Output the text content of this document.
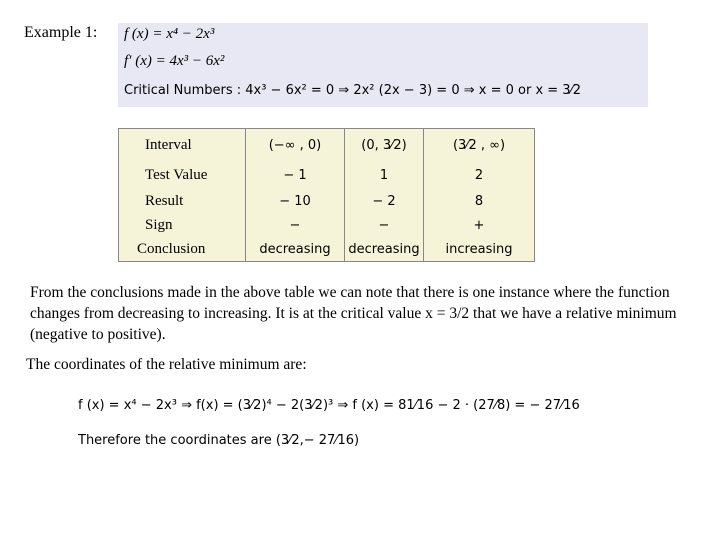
Example 1: f (x) = x⁴ − 2x³
f′ (x) = 4x³ − 6x²
Critical Numbers : 4x³ − 6x² = 0 ⇒ 2x² (2x − 3) = 0 ⇒ x = 0 or x = 3⁄2
Interval	(−∞ , 0)	(0, 3⁄2)	(3⁄2 , ∞)
Test Value	− 1	1	2
Result	− 10	− 2	8
Sign	−	−	+
Conclusion	decreasing	decreasing	increasing
From the conclusions made in the above table we can note that there is one instance where the function changes from decreasing to increasing. It is at the critical value x = 3/2 that we have a relative minimum (negative to positive).
The coordinates of the relative minimum are:
f (x) = x⁴ − 2x³ ⇒ f(x) = (3⁄2)⁴ − 2(3⁄2)³ ⇒ f (x) = 81⁄16 − 2 · (27⁄8) = − 27⁄16
Therefore the coordinates are (3⁄2,− 27⁄16)
